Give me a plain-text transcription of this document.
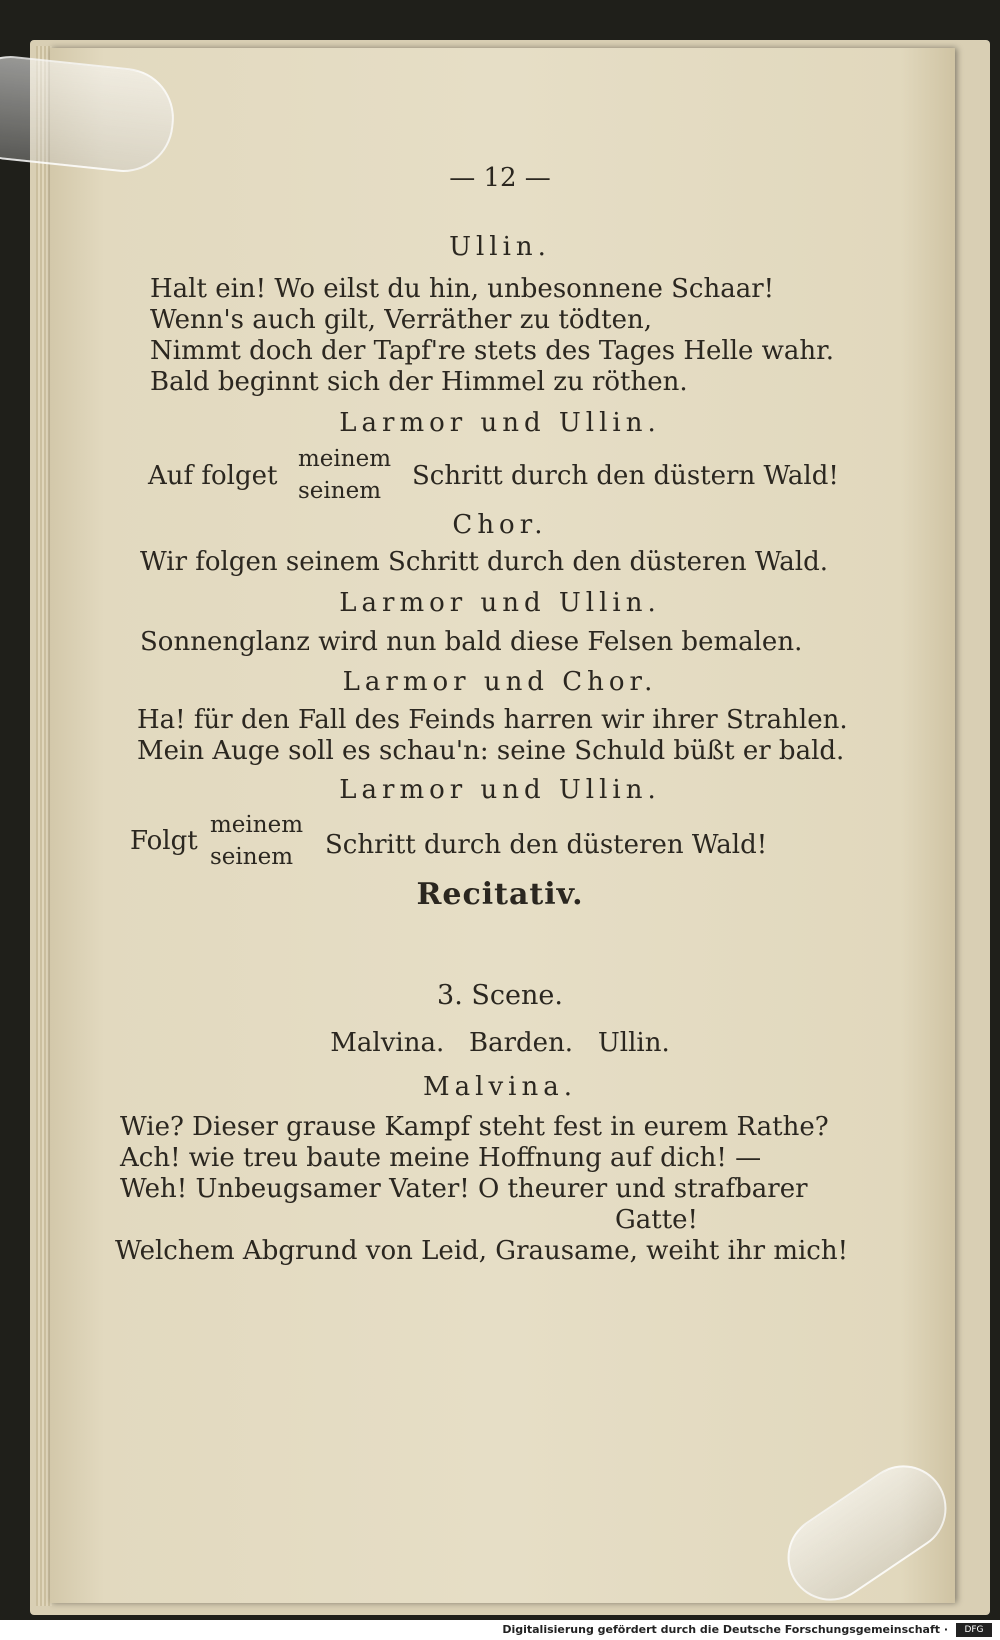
— 12 —
Ullin.
Halt ein! Wo eilst du hin, unbesonnene Schaar!
Wenn's auch gilt, Verräther zu tödten,
Nimmt doch der Tapf're stets des Tages Helle wahr.
Bald beginnt sich der Himmel zu röthen.
Larmor und Ullin.
Auf folget
meinem
seinem Schritt durch den düstern Wald!
Chor.
Wir folgen seinem Schritt durch den düsteren Wald.
Larmor und Ullin.
Sonnenglanz wird nun bald diese Felsen bemalen.
Larmor und Chor.
Ha! für den Fall des Feinds harren wir ihrer Strahlen.
Mein Auge soll es schau'n: seine Schuld büßt er bald.
Larmor und Ullin.
Folgt
meinem
seinem Schritt durch den düsteren Wald!
Recitativ.
3. Scene.
Malvina.   Barden.   Ullin.
Malvina.
Wie? Dieser grause Kampf steht fest in eurem Rathe?
Ach! wie treu baute meine Hoffnung auf dich! —
Weh! Unbeugsamer Vater! O theurer und strafbarer
Gatte!
Welchem Abgrund von Leid, Grausame, weiht ihr mich!
Digitalisierung gefördert durch die Deutsche Forschungsgemeinschaft ·	DFG
